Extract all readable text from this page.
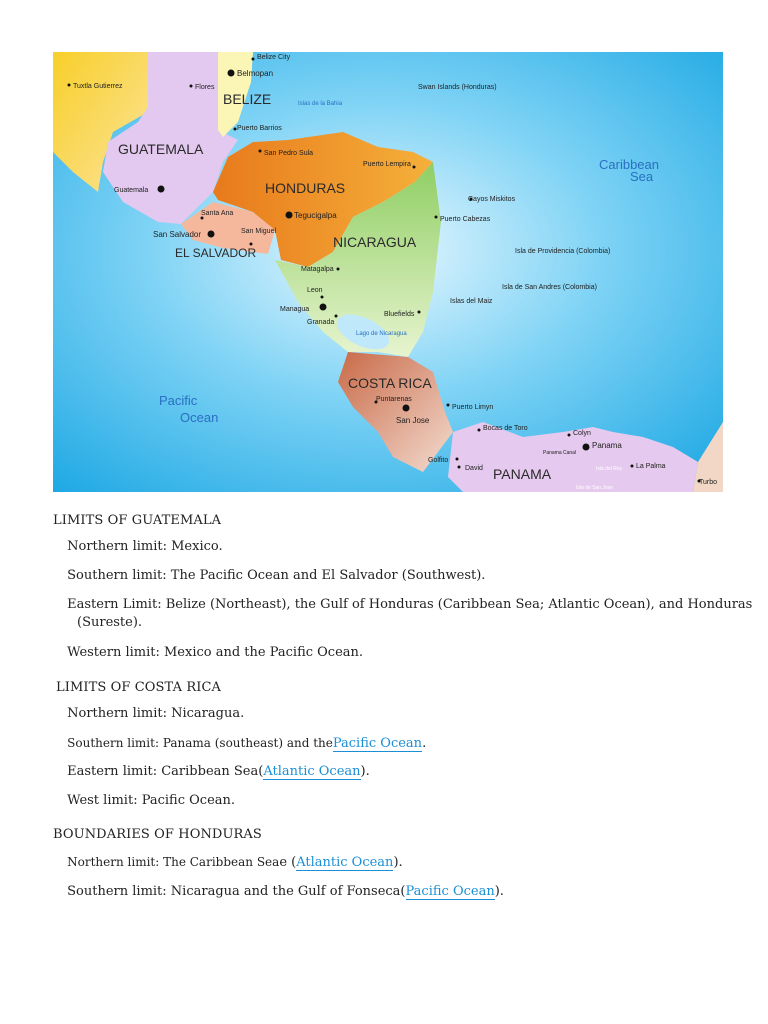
BELIZE
GUATEMALA
HONDURAS
EL SALVADOR
NICARAGUA
COSTA RICA
PANAMA
Caribbean
Sea
Pacific
Ocean
Belize City
Belmopan
Tuxtla Gutierrez	Flores
Puerto Barrios
San Pedro Sula
Guatemala
Santa Ana
San Salvador	San Miguel
Tegucigalpa
Puerto Lempira
Puerto Cabezas
Cayos Miskitos
Matagalpa
Leon
Managua
Granada
Bluefields
Puntarenas
San Jose
Puerto Limyn
Bocas de Toro
Colyn
Panama
Panama Canal
La Palma
Golfito
David
Turbo
Islas de la Bahia
Swan Islands (Honduras)
Isla de Providencia (Colombia)
Isla de San Andres (Colombia)
Islas del Maiz
Lago de Nicaragua
Isla del Rey
Isla de San Jose
LIMITS OF GUATEMALA
Northern limit: Mexico.
Southern limit: The Pacific Ocean and El Salvador (Southwest).
Eastern Limit: Belize (Northeast), the Gulf of Honduras (Caribbean Sea; Atlantic Ocean), and Honduras
(Sureste).
Western limit: Mexico and the Pacific Ocean.
LIMITS OF COSTA RICA
Northern limit: Nicaragua.
Southern limit: Panama (southeast) and thePacific Ocean.
Eastern limit: Caribbean Sea(Atlantic Ocean).
West limit: Pacific Ocean.
BOUNDARIES OF HONDURAS
Northern limit: The Caribbean Seae (Atlantic Ocean).
Southern limit: Nicaragua and the Gulf of Fonseca(Pacific Ocean).
